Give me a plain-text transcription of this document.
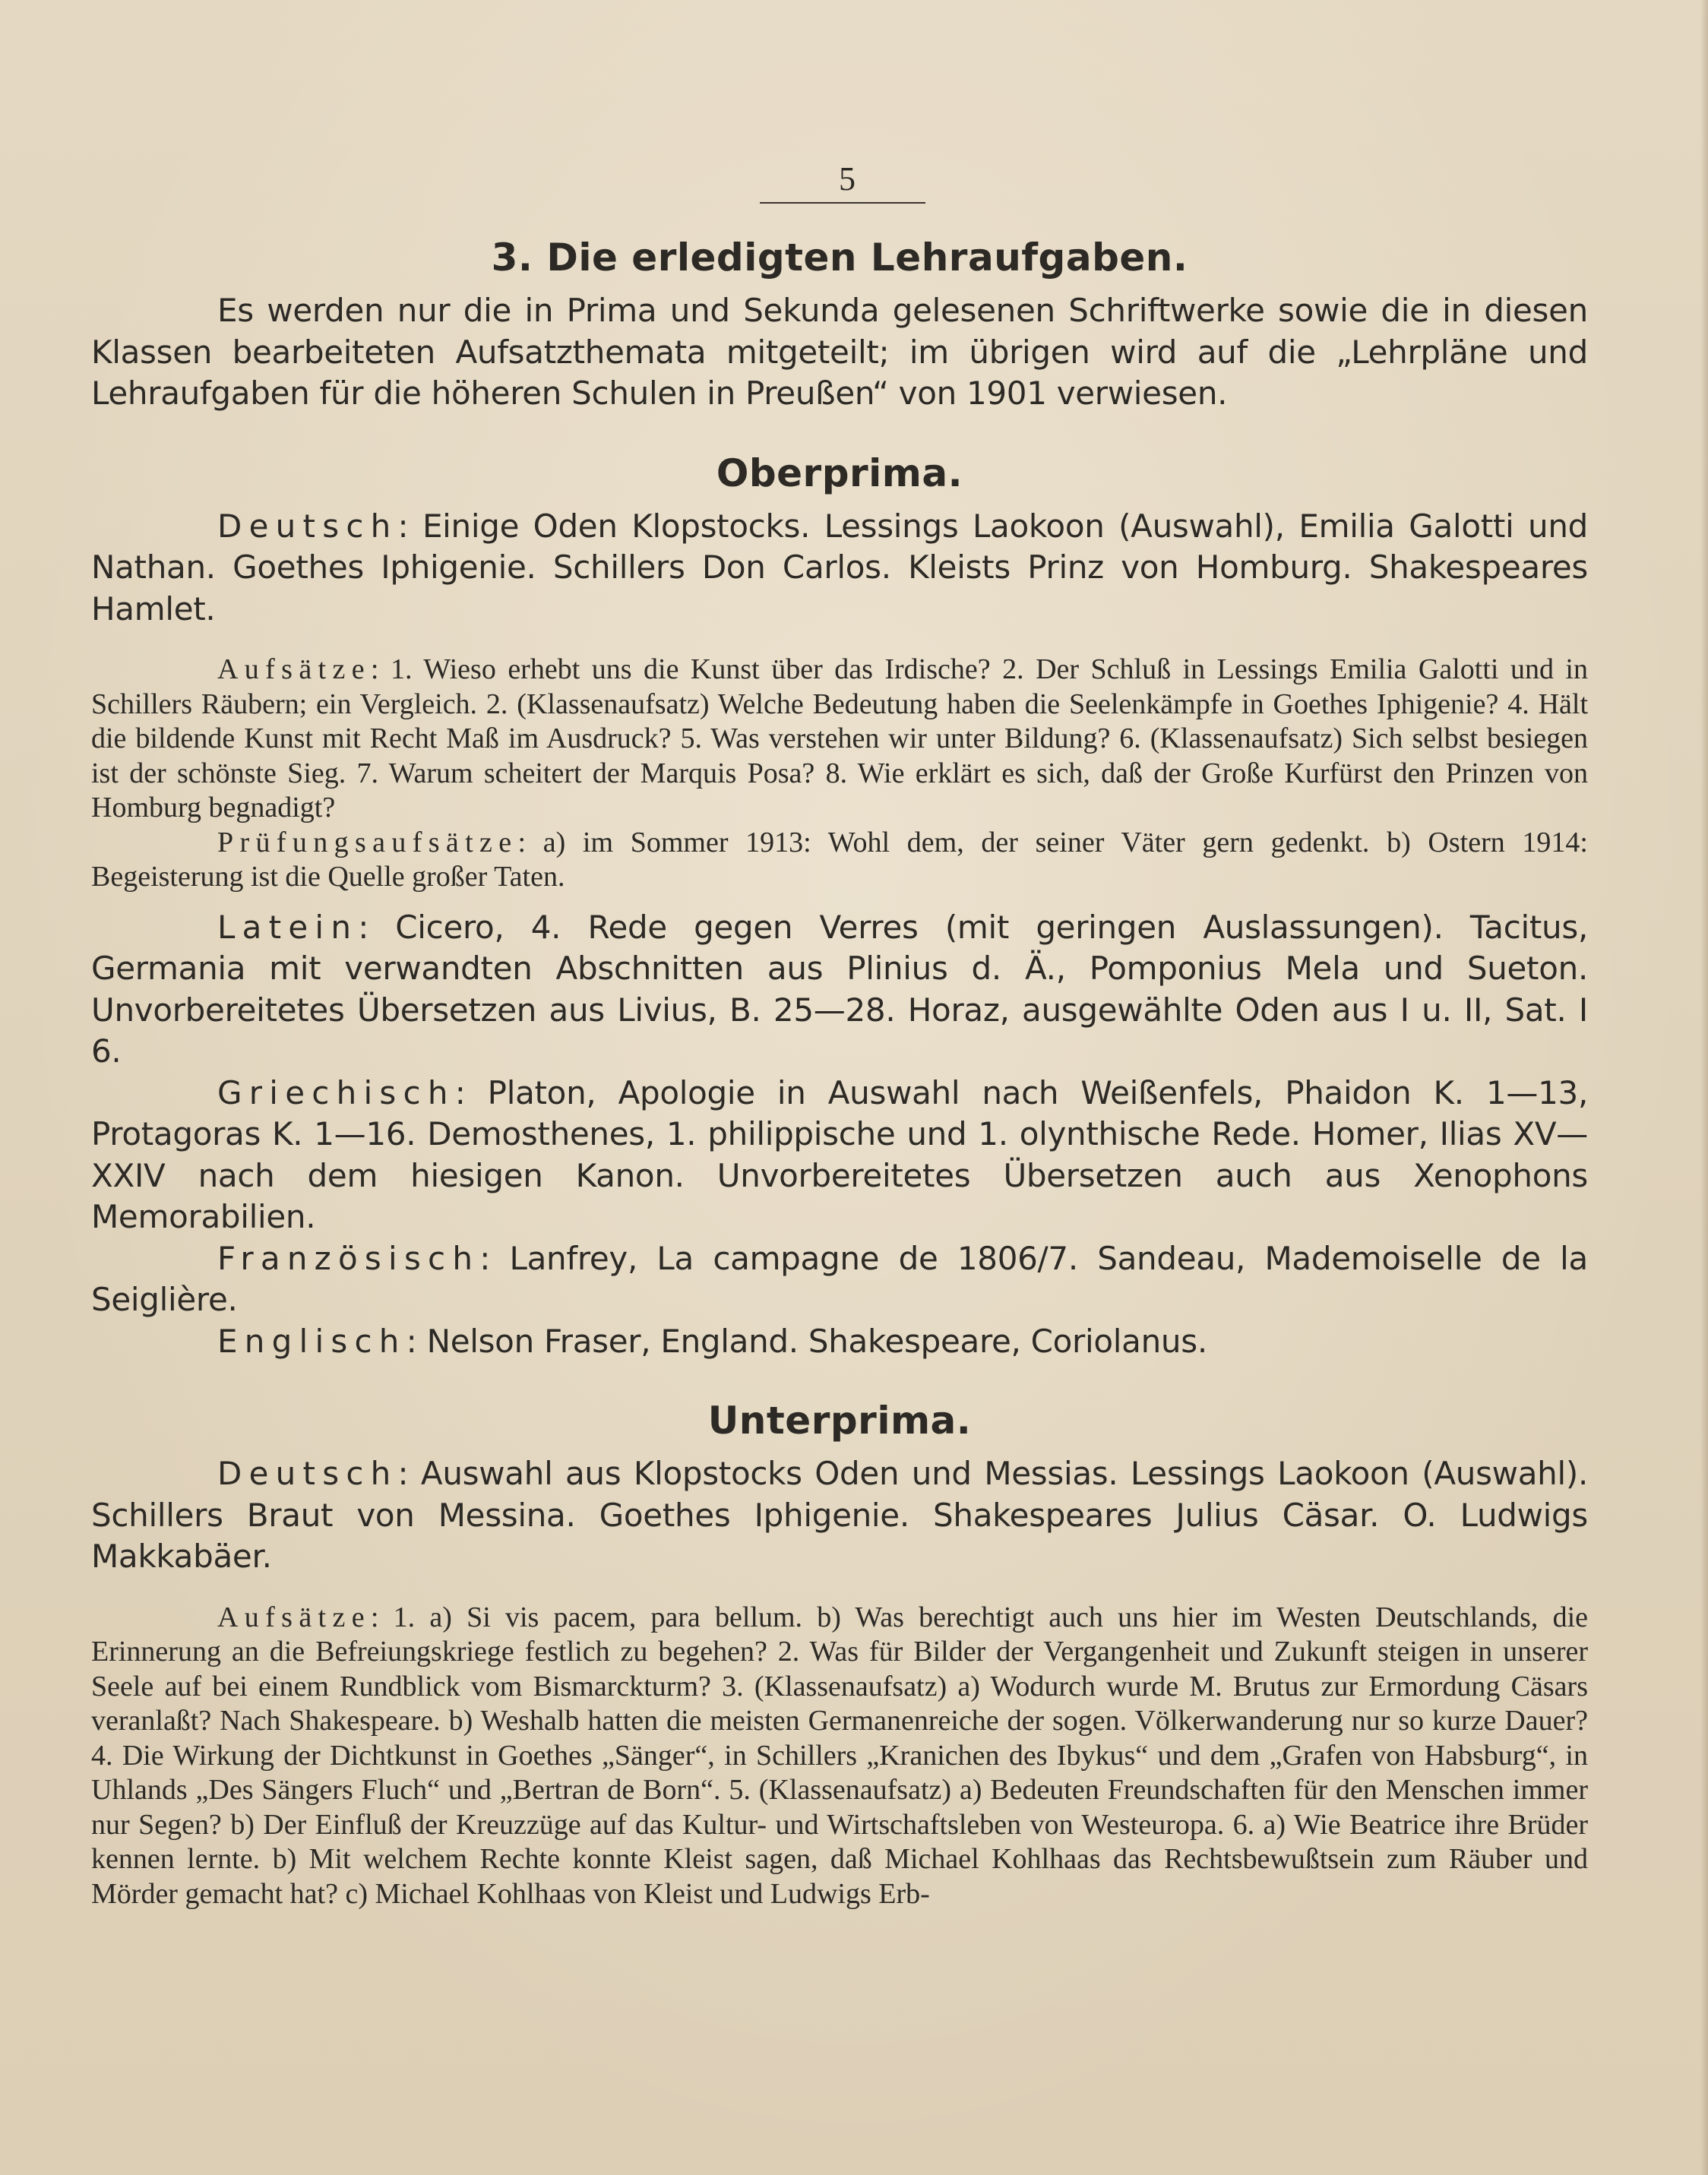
5
3. Die erledigten Lehraufgaben.

Es werden nur die in Prima und Sekunda gelesenen Schriftwerke sowie die in diesen Klassen bearbeiteten Aufsatzthemata mitgeteilt; im übrigen wird auf die „Lehrpläne und Lehraufgaben für die höheren Schulen in Preußen“ von 1901 verwiesen.

Oberprima.

Deutsch: Einige Oden Klopstocks. Lessings Laokoon (Auswahl), Emilia Galotti und Nathan. Goethes Iphigenie. Schillers Don Carlos. Kleists Prinz von Homburg. Shakespeares Hamlet.

Aufsätze: 1. Wieso erhebt uns die Kunst über das Irdische? 2. Der Schluß in Lessings Emilia Galotti und in Schillers Räubern; ein Vergleich. 2. (Klassenaufsatz) Welche Bedeutung haben die Seelenkämpfe in Goethes Iphigenie? 4. Hält die bildende Kunst mit Recht Maß im Ausdruck? 5. Was verstehen wir unter Bildung? 6. (Klassenaufsatz) Sich selbst besiegen ist der schönste Sieg. 7. Warum scheitert der Marquis Posa? 8. Wie erklärt es sich, daß der Große Kurfürst den Prinzen von Homburg begnadigt?

Prüfungsaufsätze: a) im Sommer 1913: Wohl dem, der seiner Väter gern gedenkt. b) Ostern 1914: Begeisterung ist die Quelle großer Taten.

Latein: Cicero, 4. Rede gegen Verres (mit geringen Auslassungen). Tacitus, Germania mit verwandten Abschnitten aus Plinius d. Ä., Pomponius Mela und Sueton. Unvorbereitetes Übersetzen aus Livius, B. 25—28. Horaz, ausgewählte Oden aus I u. II, Sat. I 6.

Griechisch: Platon, Apologie in Auswahl nach Weißenfels, Phaidon K. 1—13, Protagoras K. 1—16. Demosthenes, 1. philippische und 1. olynthische Rede. Homer, Ilias XV—XXIV nach dem hiesigen Kanon. Unvorbereitetes Übersetzen auch aus Xenophons Memorabilien.

Französisch: Lanfrey, La campagne de 1806/7. Sandeau, Mademoiselle de la Seiglière.

Englisch: Nelson Fraser, England. Shakespeare, Coriolanus.

Unterprima.

Deutsch: Auswahl aus Klopstocks Oden und Messias. Lessings Laokoon (Auswahl). Schillers Braut von Messina. Goethes Iphigenie. Shakespeares Julius Cäsar. O. Ludwigs Makkabäer.

Aufsätze: 1. a) Si vis pacem, para bellum. b) Was berechtigt auch uns hier im Westen Deutschlands, die Erinnerung an die Befreiungskriege festlich zu begehen? 2. Was für Bilder der Vergangenheit und Zukunft steigen in unserer Seele auf bei einem Rundblick vom Bismarckturm? 3. (Klassenaufsatz) a) Wodurch wurde M. Brutus zur Ermordung Cäsars veranlaßt? Nach Shakespeare. b) Weshalb hatten die meisten Germanenreiche der sogen. Völkerwanderung nur so kurze Dauer? 4. Die Wirkung der Dichtkunst in Goethes „Sänger“, in Schillers „Kranichen des Ibykus“ und dem „Grafen von Habsburg“, in Uhlands „Des Sängers Fluch“ und „Bertran de Born“. 5. (Klassenaufsatz) a) Bedeuten Freundschaften für den Menschen immer nur Segen? b) Der Einfluß der Kreuzzüge auf das Kultur- und Wirtschaftsleben von Westeuropa. 6. a) Wie Beatrice ihre Brüder kennen lernte. b) Mit welchem Rechte konnte Kleist sagen, daß Michael Kohlhaas das Rechtsbewußtsein zum Räuber und Mörder gemacht hat? c) Michael Kohlhaas von Kleist und Ludwigs Erb-
